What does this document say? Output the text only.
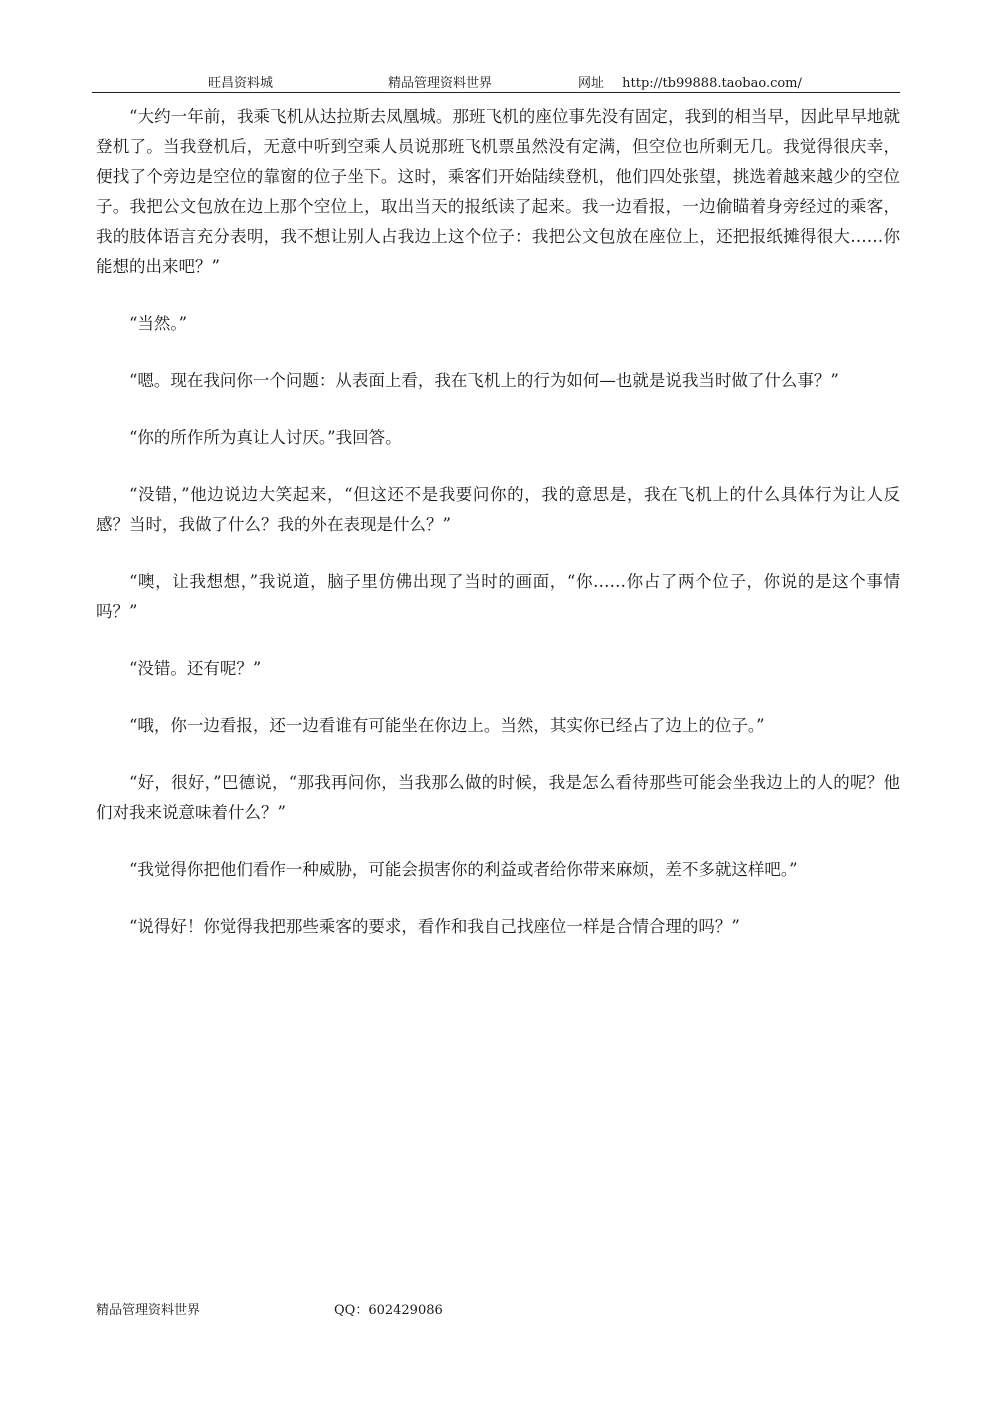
旺昌资料城	精品管理资料世界	网址 http://tb99888.taobao.com/

“大约一年前，我乘飞机从达拉斯去凤凰城。那班飞机的座位事先没有固定，我到的相当早，因此早早地就登机了。当我登机后，无意中听到空乘人员说那班飞机票虽然没有定满，但空位也所剩无几。我觉得很庆幸，便找了个旁边是空位的靠窗的位子坐下。这时，乘客们开始陆续登机，他们四处张望，挑选着越来越少的空位子。我把公文包放在边上那个空位上，取出当天的报纸读了起来。我一边看报，一边偷瞄着身旁经过的乘客，我的肢体语言充分表明，我不想让别人占我边上这个位子：我把公文包放在座位上，还把报纸摊得很大……你能想的出来吧？”

“当然。”

“嗯。现在我问你一个问题：从表面上看，我在飞机上的行为如何—也就是说我当时做了什么事？”

“你的所作所为真让人讨厌。”我回答。

“没错，”他边说边大笑起来，“但这还不是我要问你的，我的意思是，我在飞机上的什么具体行为让人反感？当时，我做了什么？我的外在表现是什么？”

“噢，让我想想，”我说道，脑子里仿佛出现了当时的画面，“你……你占了两个位子，你说的是这个事情吗？”

“没错。还有呢？”

“哦，你一边看报，还一边看谁有可能坐在你边上。当然，其实你已经占了边上的位子。”

“好，很好，”巴德说，“那我再问你，当我那么做的时候，我是怎么看待那些可能会坐我边上的人的呢？他们对我来说意味着什么？”

“我觉得你把他们看作一种威胁，可能会损害你的利益或者给你带来麻烦，差不多就这样吧。”

“说得好！你觉得我把那些乘客的要求，看作和我自己找座位一样是合情合理的吗？”

精品管理资料世界	QQ：602429086
